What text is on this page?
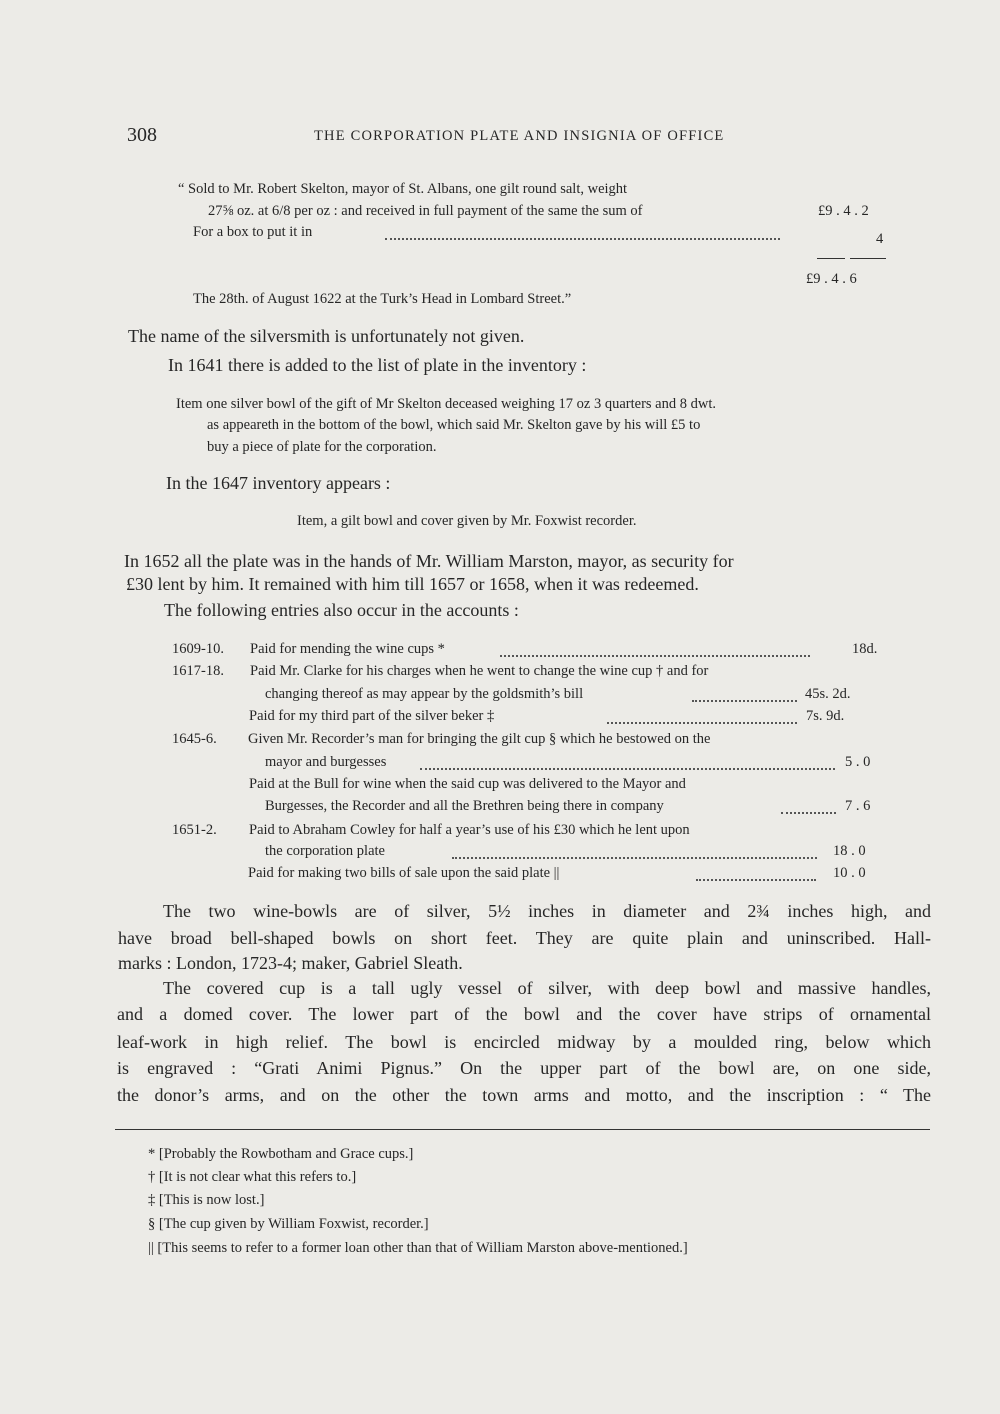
308	THE CORPORATION PLATE AND INSIGNIA OF OFFICE
“ Sold to Mr. Robert Skelton, mayor of St. Albans, one gilt round salt, weight
27⅝ oz. at 6/8 per oz : and received in full payment of the same the sum of	£9 . 4 . 2
For a box to put it in	4
£9 . 4 . 6
The 28th. of August 1622 at the Turk’s Head in Lombard Street.”
The name of the silversmith is unfortunately not given.
In 1641 there is added to the list of plate in the inventory :
Item one silver bowl of the gift of Mr Skelton deceased weighing 17 oz 3 quarters and 8 dwt.
as appeareth in the bottom of the bowl, which said Mr. Skelton gave by his will £5 to
buy a piece of plate for the corporation.
In the 1647 inventory appears :
Item, a gilt bowl and cover given by Mr. Foxwist recorder.
In 1652 all the plate was in the hands of Mr. William Marston, mayor, as security for
£30 lent by him. It remained with him till 1657 or 1658, when it was redeemed.
The following entries also occur in the accounts :
1609-10. Paid for mending the wine cups *	18d.
1617-18. Paid Mr. Clarke for his charges when he went to change the wine cup † and for
changing thereof as may appear by the goldsmith’s bill	45s. 2d.
Paid for my third part of the silver beker ‡	7s. 9d.
1645-6. Given Mr. Recorder’s man for bringing the gilt cup § which he bestowed on the
mayor and burgesses	5 . 0
Paid at the Bull for wine when the said cup was delivered to the Mayor and
Burgesses, the Recorder and all the Brethren being there in company	7 . 6
1651-2. Paid to Abraham Cowley for half a year’s use of his £30 which he lent upon
the corporation plate	18 . 0
Paid for making two bills of sale upon the said plate ||	10 . 0
The two wine-bowls are of silver, 5½ inches in diameter and 2¾ inches high, and
have broad bell-shaped bowls on short feet. They are quite plain and uninscribed. Hall-
marks : London, 1723-4; maker, Gabriel Sleath.
The covered cup is a tall ugly vessel of silver, with deep bowl and massive handles,
and a domed cover. The lower part of the bowl and the cover have strips of ornamental
leaf-work in high relief. The bowl is encircled midway by a moulded ring, below which
is engraved : “Grati Animi Pignus.” On the upper part of the bowl are, on one side,
the donor’s arms, and on the other the town arms and motto, and the inscription : “ The
* [Probably the Rowbotham and Grace cups.]
† [It is not clear what this refers to.]
‡ [This is now lost.]
§ [The cup given by William Foxwist, recorder.]
|| [This seems to refer to a former loan other than that of William Marston above-mentioned.]
